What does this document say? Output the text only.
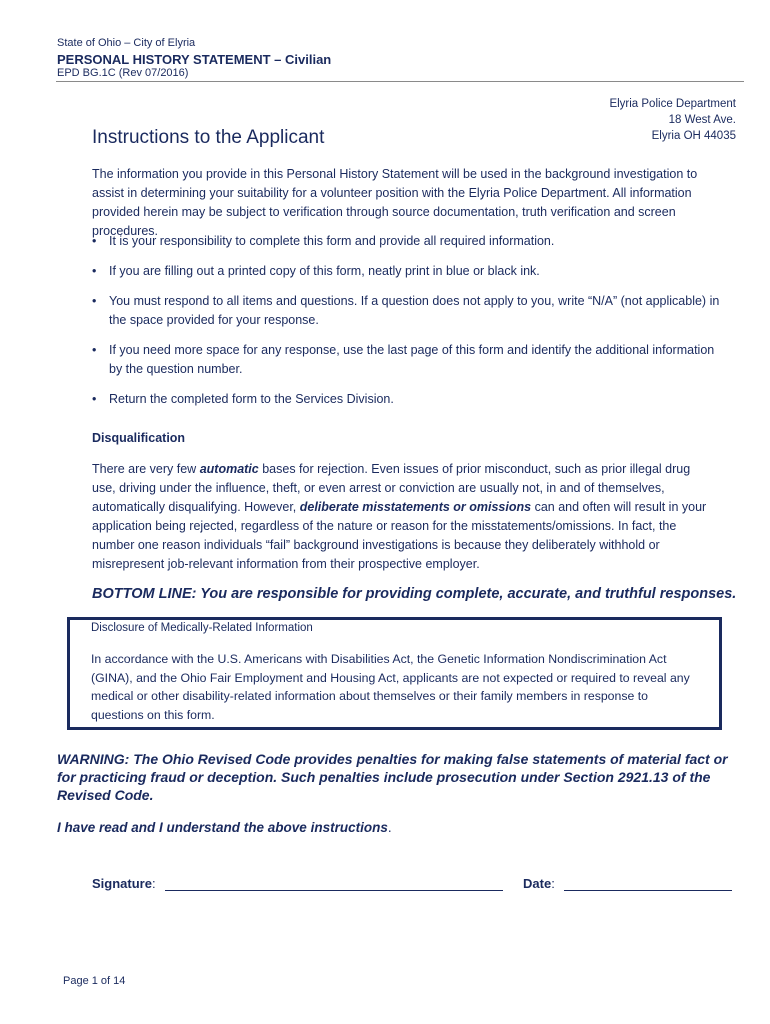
State of Ohio – City of Elyria
PERSONAL HISTORY STATEMENT – Civilian
EPD BG.1C (Rev 07/2016)
Elyria Police Department
18 West Ave.
Elyria OH 44035
Instructions to the Applicant
The information you provide in this Personal History Statement will be used in the background investigation to assist in determining your suitability for a volunteer position with the Elyria Police Department. All information provided herein may be subject to verification through source documentation, truth verification and screen procedures.
• It is your responsibility to complete this form and provide all required information.
• If you are filling out a printed copy of this form, neatly print in blue or black ink.
• You must respond to all items and questions. If a question does not apply to you, write “N/A” (not applicable) in the space provided for your response.
• If you need more space for any response, use the last page of this form and identify the additional information by the question number.
• Return the completed form to the Services Division.
Disqualification
There are very few automatic bases for rejection. Even issues of prior misconduct, such as prior illegal drug use, driving under the influence, theft, or even arrest or conviction are usually not, in and of themselves, automatically disqualifying. However, deliberate misstatements or omissions can and often will result in your application being rejected, regardless of the nature or reason for the misstatements/omissions. In fact, the number one reason individuals “fail” background investigations is because they deliberately withhold or misrepresent job-relevant information from their prospective employer.
BOTTOM LINE: You are responsible for providing complete, accurate, and truthful responses.
Disclosure of Medically-Related Information
In accordance with the U.S. Americans with Disabilities Act, the Genetic Information Nondiscrimination Act (GINA), and the Ohio Fair Employment and Housing Act, applicants are not expected or required to reveal any medical or other disability-related information about themselves or their family members in response to questions on this form.
WARNING: The Ohio Revised Code provides penalties for making false statements of material fact or for practicing fraud or deception. Such penalties include prosecution under Section 2921.13 of the Revised Code.
I have read and I understand the above instructions.
Signature:	Date:
Page 1 of 14
